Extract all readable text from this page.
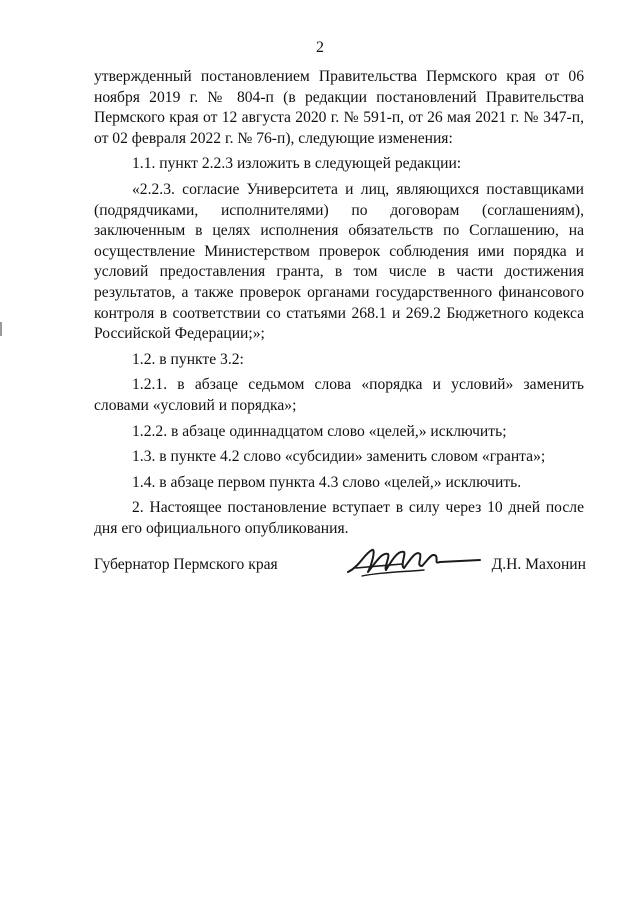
2

утвержденный постановлением Правительства Пермского края от 06 ноября 2019 г. № 804-п (в редакции постановлений Правительства Пермского края от 12 августа 2020 г. № 591-п, от 26 мая 2021 г. № 347-п, от 02 февраля 2022 г. № 76-п), следующие изменения:

1.1. пункт 2.2.3 изложить в следующей редакции:

«2.2.3. согласие Университета и лиц, являющихся поставщиками (подрядчиками, исполнителями) по договорам (соглашениям), заключенным в целях исполнения обязательств по Соглашению, на осуществление Министерством проверок соблюдения ими порядка и условий предоставления гранта, в том числе в части достижения результатов, а также проверок органами государственного финансового контроля в соответствии со статьями 268.1 и 269.2 Бюджетного кодекса Российской Федерации;»;

1.2. в пункте 3.2:

1.2.1. в абзаце седьмом слова «порядка и условий» заменить словами «условий и порядка»;

1.2.2. в абзаце одиннадцатом слово «целей,» исключить;

1.3. в пункте 4.2 слово «субсидии» заменить словом «гранта»;

1.4. в абзаце первом пункта 4.3 слово «целей,» исключить.

2. Настоящее постановление вступает в силу через 10 дней после дня его официального опубликования.

Губернатор Пермского края	Д.Н. Махонин
